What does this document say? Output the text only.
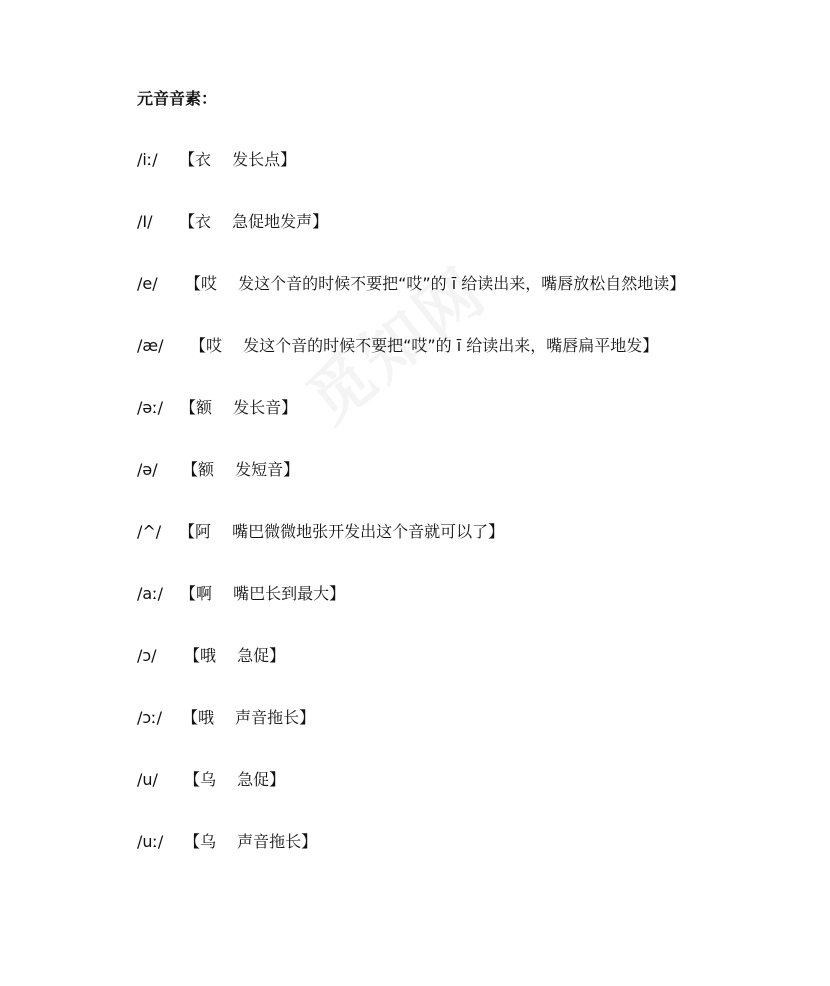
元音音素：
/iː/ 【衣　 发长点】
/I/ 【衣　 急促地发声】
/e/ 【哎　 发这个音的时候不要把“哎”的 ī 给读出来，嘴唇放松自然地读】
/æ/ 【哎　 发这个音的时候不要把“哎”的 ī 给读出来，嘴唇扁平地发】
/əː/ 【额　 发长音】
/ə/ 【额　 发短音】
/^/ 【阿　 嘴巴微微地张开发出这个音就可以了】
/aː/ 【啊　 嘴巴长到最大】
/ɔ/ 【哦　 急促】
/ɔː/ 【哦　 声音拖长】
/u/ 【乌　 急促】
/uː/ 【乌　 声音拖长】
